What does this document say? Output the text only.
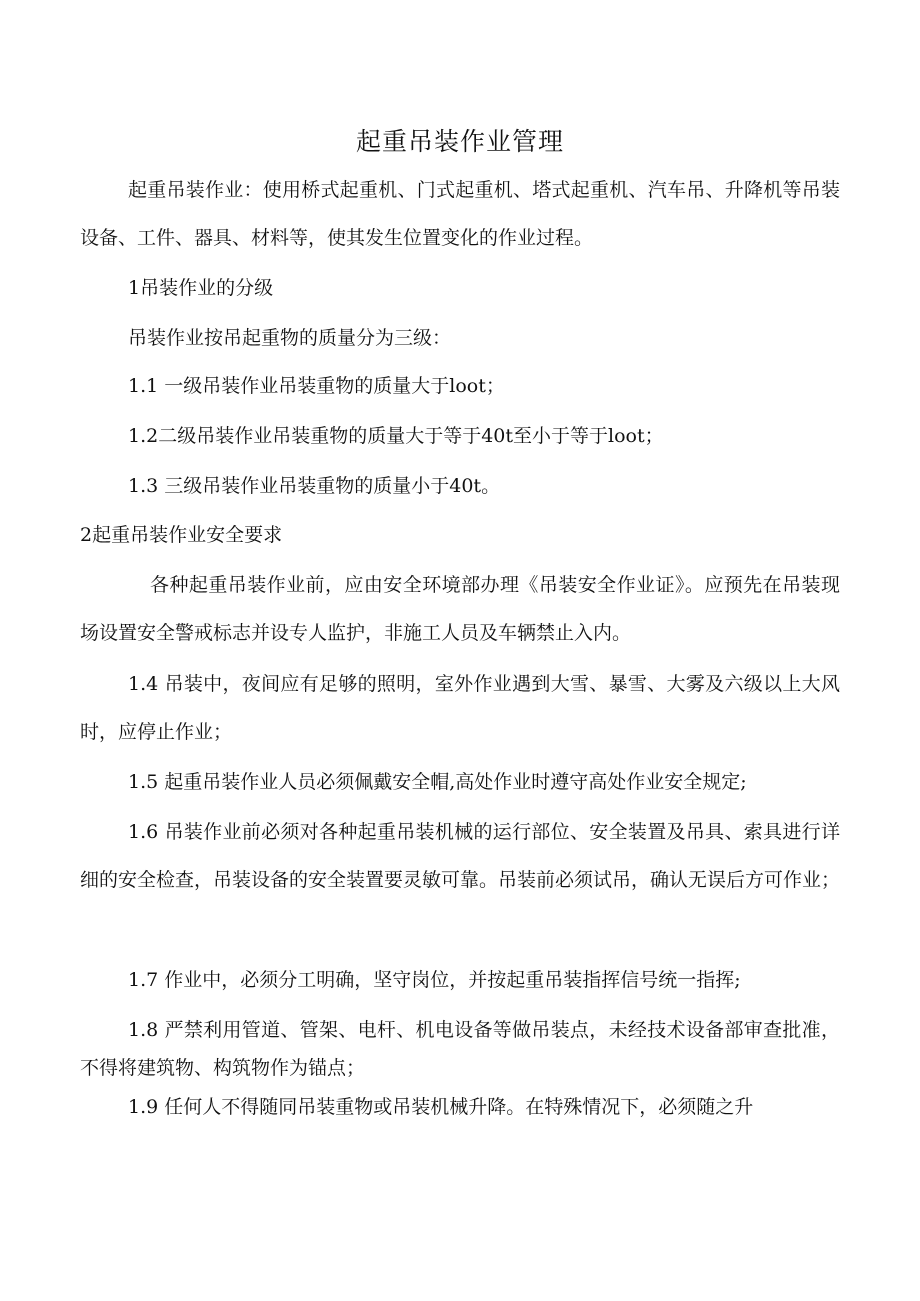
起重吊装作业管理
起重吊装作业：使用桥式起重机、门式起重机、塔式起重机、汽车吊、升降机等吊装设备、工件、器具、材料等，使其发生位置变化的作业过程。
1吊装作业的分级
吊装作业按吊起重物的质量分为三级：
1.1 一级吊装作业吊装重物的质量大于loot；
1.2二级吊装作业吊装重物的质量大于等于40t至小于等于loot；
1.3 三级吊装作业吊装重物的质量小于40t。
2起重吊装作业安全要求
各种起重吊装作业前，应由安全环境部办理《吊装安全作业证》。应预先在吊装现场设置安全警戒标志并设专人监护，非施工人员及车辆禁止入内。
1.4 吊装中，夜间应有足够的照明，室外作业遇到大雪、暴雪、大雾及六级以上大风时，应停止作业；
1.5 起重吊装作业人员必须佩戴安全帽,高处作业时遵守高处作业安全规定;
1.6 吊装作业前必须对各种起重吊装机械的运行部位、安全装置及吊具、索具进行详细的安全检查，吊装设备的安全装置要灵敏可靠。吊装前必须试吊，确认无误后方可作业；
1.7 作业中，必须分工明确，坚守岗位，并按起重吊装指挥信号统一指挥;
1.8 严禁利用管道、管架、电杆、机电设备等做吊装点，未经技术设备部审查批准，不得将建筑物、构筑物作为锚点；
1.9 任何人不得随同吊装重物或吊装机械升降。在特殊情况下，必须随之升
